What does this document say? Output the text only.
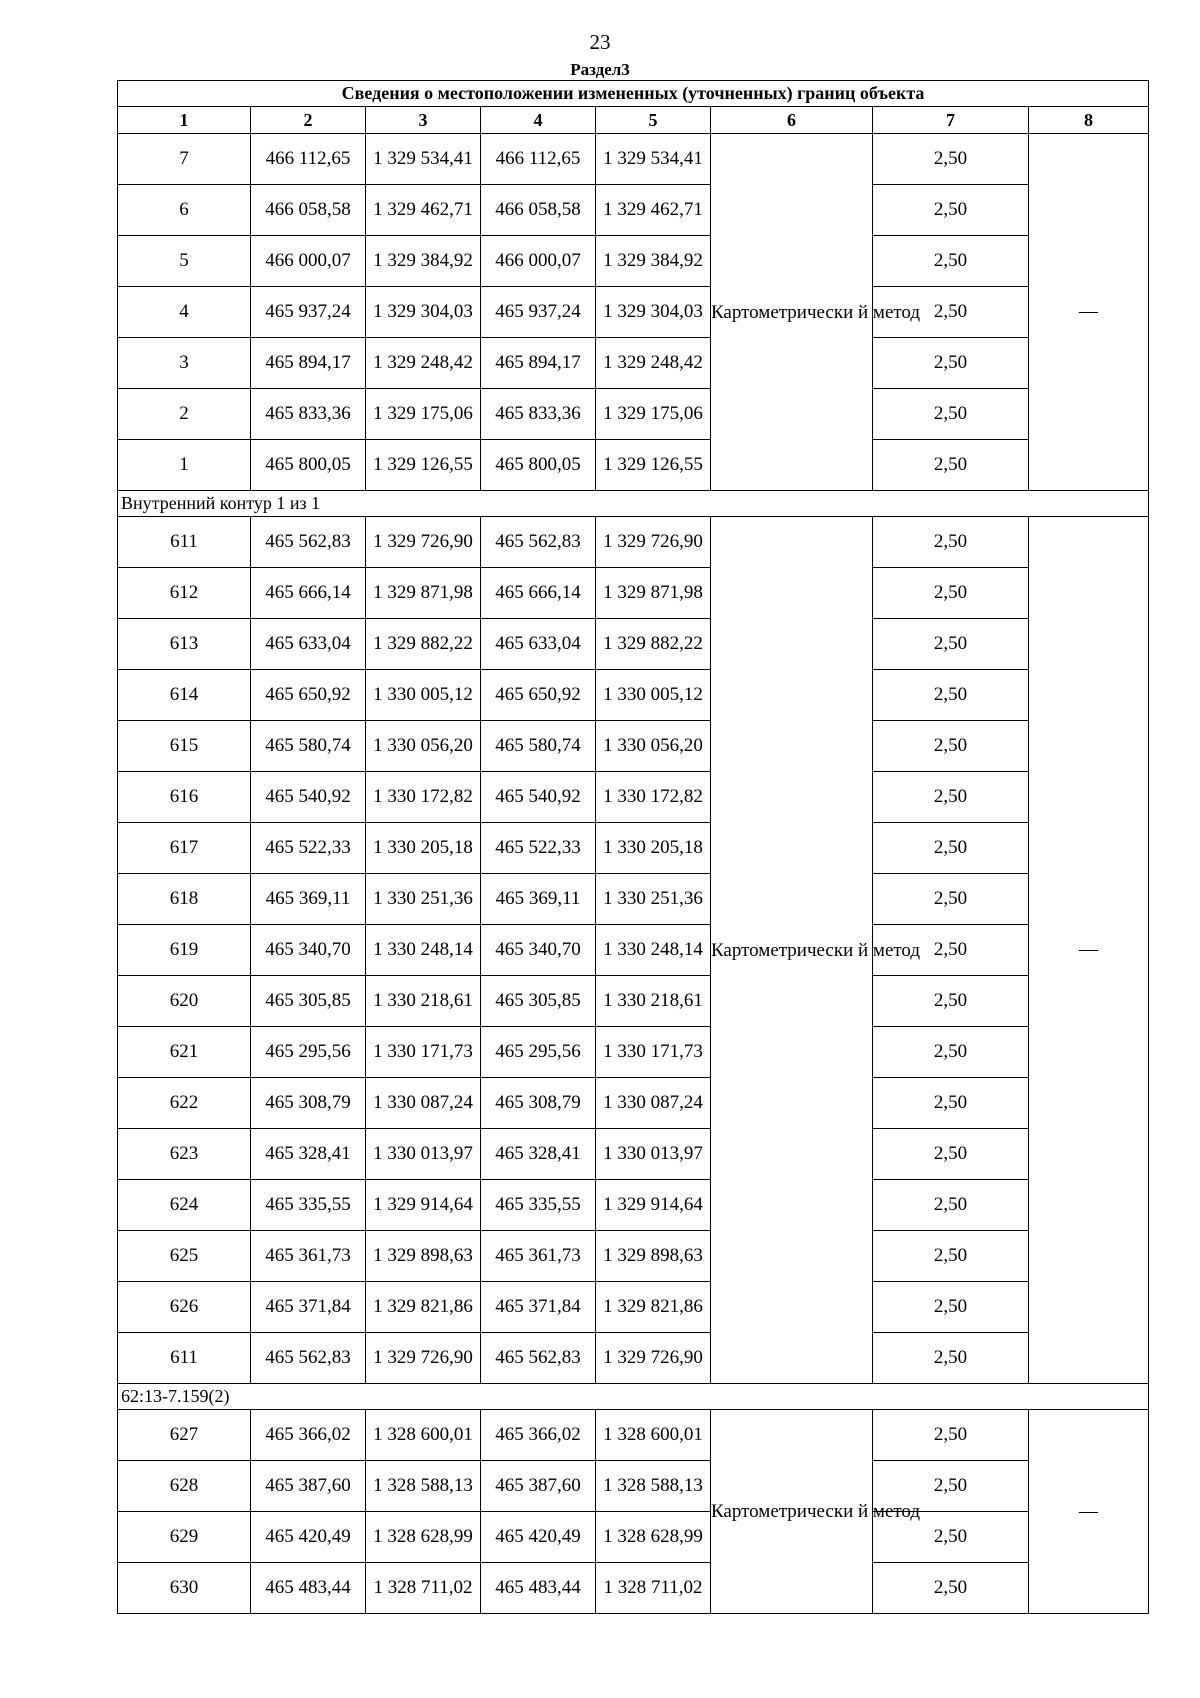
23
Раздел3
Сведения о местоположении измененных (уточненных) границ объекта							
1	2	3	4	5	6	7	8
7	466 112,65	1 329 534,41	466 112,65	1 329 534,41	Картометрически й метод	2,50	—
6	466 058,58	1 329 462,71	466 058,58	1 329 462,71		2,50	
5	466 000,07	1 329 384,92	466 000,07	1 329 384,92		2,50	
4	465 937,24	1 329 304,03	465 937,24	1 329 304,03		2,50	
3	465 894,17	1 329 248,42	465 894,17	1 329 248,42		2,50	
2	465 833,36	1 329 175,06	465 833,36	1 329 175,06		2,50	
1	465 800,05	1 329 126,55	465 800,05	1 329 126,55		2,50	
Внутренний контур 1 из 1							
611	465 562,83	1 329 726,90	465 562,83	1 329 726,90	Картометрически й метод	2,50	—
612	465 666,14	1 329 871,98	465 666,14	1 329 871,98		2,50	
613	465 633,04	1 329 882,22	465 633,04	1 329 882,22		2,50	
614	465 650,92	1 330 005,12	465 650,92	1 330 005,12		2,50	
615	465 580,74	1 330 056,20	465 580,74	1 330 056,20		2,50	
616	465 540,92	1 330 172,82	465 540,92	1 330 172,82		2,50	
617	465 522,33	1 330 205,18	465 522,33	1 330 205,18		2,50	
618	465 369,11	1 330 251,36	465 369,11	1 330 251,36		2,50	
619	465 340,70	1 330 248,14	465 340,70	1 330 248,14		2,50	
620	465 305,85	1 330 218,61	465 305,85	1 330 218,61		2,50	
621	465 295,56	1 330 171,73	465 295,56	1 330 171,73		2,50	
622	465 308,79	1 330 087,24	465 308,79	1 330 087,24		2,50	
623	465 328,41	1 330 013,97	465 328,41	1 330 013,97		2,50	
624	465 335,55	1 329 914,64	465 335,55	1 329 914,64		2,50	
625	465 361,73	1 329 898,63	465 361,73	1 329 898,63		2,50	
626	465 371,84	1 329 821,86	465 371,84	1 329 821,86		2,50	
611	465 562,83	1 329 726,90	465 562,83	1 329 726,90		2,50	
62:13-7.159(2)							
627	465 366,02	1 328 600,01	465 366,02	1 328 600,01	Картометрически й метод	2,50	—
628	465 387,60	1 328 588,13	465 387,60	1 328 588,13		2,50	
629	465 420,49	1 328 628,99	465 420,49	1 328 628,99		2,50	
630	465 483,44	1 328 711,02	465 483,44	1 328 711,02		2,50	
